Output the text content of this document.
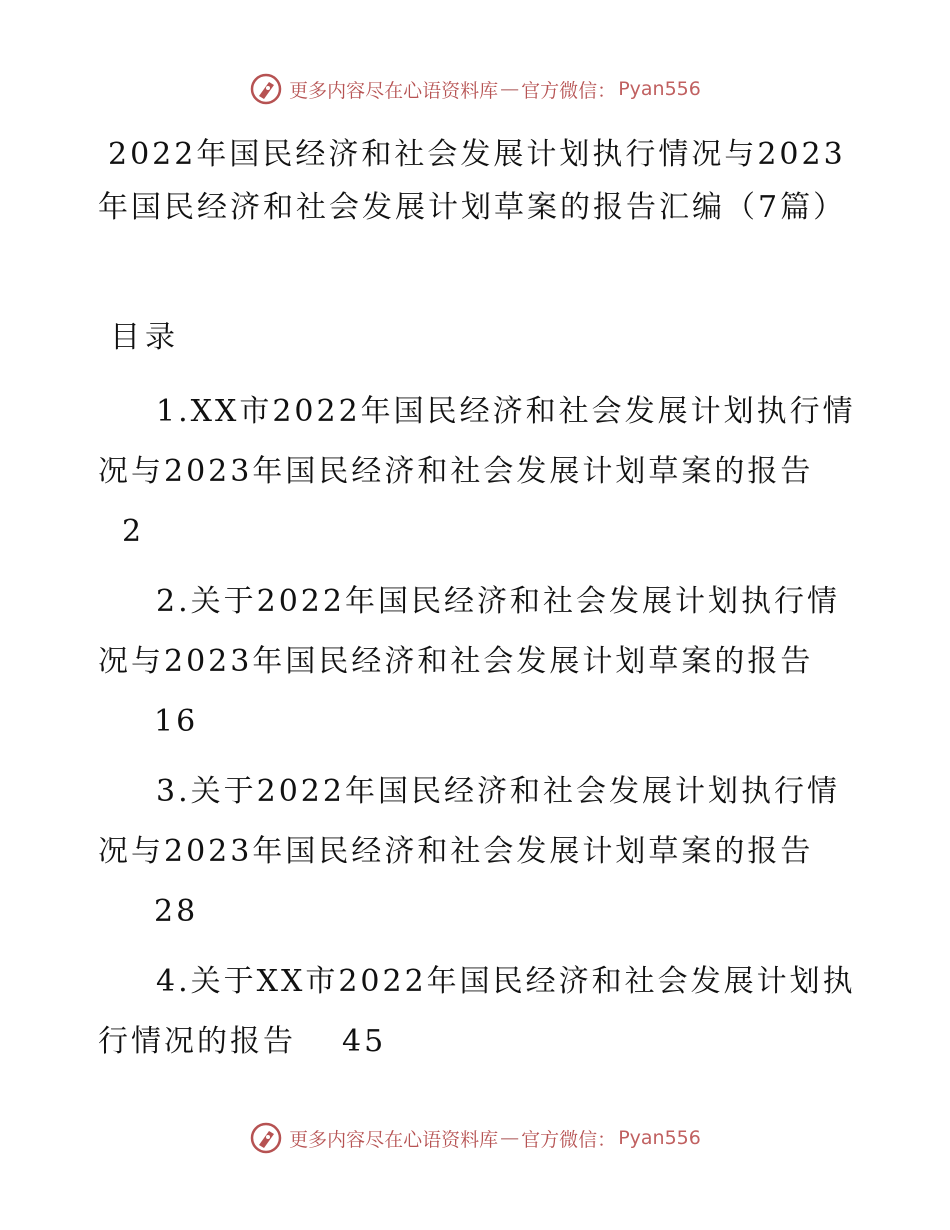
更多内容尽在心语资料库 — 官方微信： Pyan556
2022年国民经济和社会发展计划执行情况与2023年国民经济和社会发展计划草案的报告汇编（7篇）

目录

1.XX市2022年国民经济和社会发展计划执行情况与2023年国民经济和社会发展计划草案的报告2

2.关于2022年国民经济和社会发展计划执行情况与2023年国民经济和社会发展计划草案的报告
16

3.关于2022年国民经济和社会发展计划执行情况与2023年国民经济和社会发展计划草案的报告
28

4.关于XX市2022年国民经济和社会发展计划执行情况的报告 45

更多内容尽在心语资料库 — 官方微信： Pyan556
